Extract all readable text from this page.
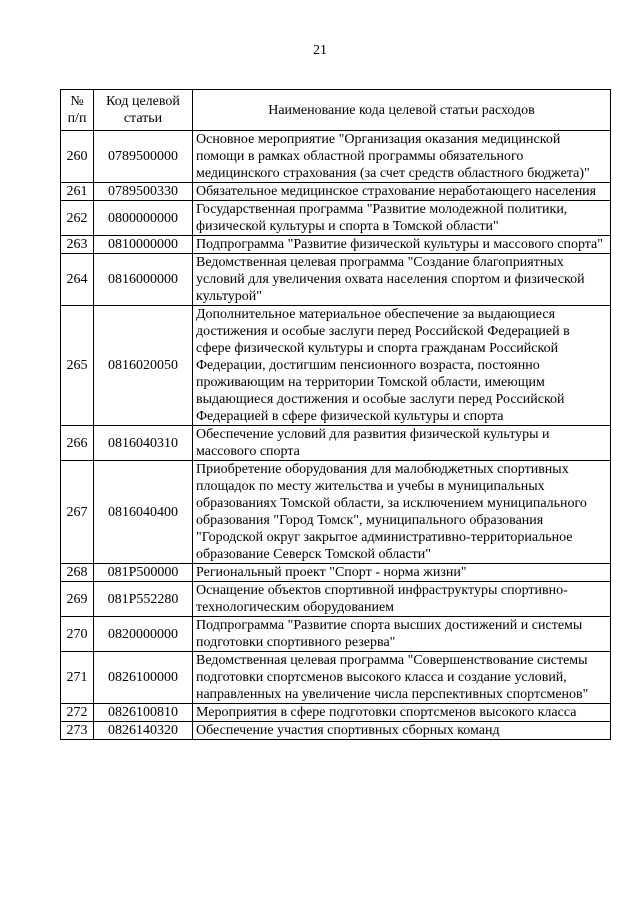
21
№ п/п	Код целевой статьи	Наименование кода целевой статьи расходов
260	0789500000	Основное мероприятие "Организация оказания медицинской помощи в рамках областной программы обязательного медицинского страхования (за счет средств областного бюджета)"
261	0789500330	Обязательное медицинское страхование неработающего населения
262	0800000000	Государственная программа "Развитие молодежной политики, физической культуры и спорта в Томской области"
263	0810000000	Подпрограмма "Развитие физической культуры и массового спорта"
264	0816000000	Ведомственная целевая программа "Создание благоприятных условий для увеличения охвата населения спортом и физической культурой"
265	0816020050	Дополнительное материальное обеспечение за выдающиеся достижения и особые заслуги перед Российской Федерацией в сфере физической культуры и спорта гражданам Российской Федерации, достигшим пенсионного возраста, постоянно проживающим на территории Томской области, имеющим выдающиеся достижения и особые заслуги перед Российской Федерацией в сфере физической культуры и спорта
266	0816040310	Обеспечение условий для развития физической культуры и массового спорта
267	0816040400	Приобретение оборудования для малобюджетных спортивных площадок по месту жительства и учебы в муниципальных образованиях Томской области, за исключением муниципального образования "Город Томск", муниципального образования "Городской округ закрытое административно-территориальное образование Северск Томской области"
268	081P500000	Региональный проект "Спорт - норма жизни"
269	081P552280	Оснащение объектов спортивной инфраструктуры спортивно-технологическим оборудованием
270	0820000000	Подпрограмма "Развитие спорта высших достижений и системы подготовки спортивного резерва"
271	0826100000	Ведомственная целевая программа "Совершенствование системы подготовки спортсменов высокого класса и создание условий, направленных на увеличение числа перспективных спортсменов"
272	0826100810	Мероприятия в сфере подготовки спортсменов высокого класса
273	0826140320	Обеспечение участия спортивных сборных команд
